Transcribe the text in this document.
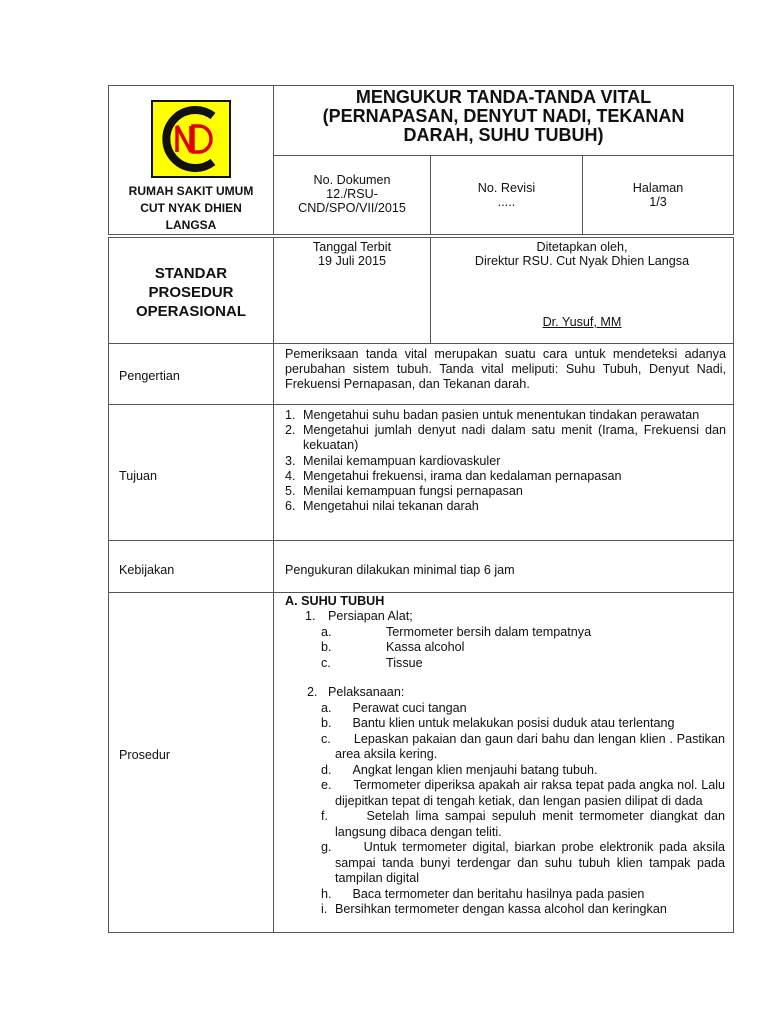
RUMAH SAKIT UMUM
CUT NYAK DHIEN
LANGSA
MENGUKUR TANDA-TANDA VITAL
(PERNAPASAN, DENYUT NADI, TEKANAN
DARAH, SUHU TUBUH)
No. Dokumen
12./RSU-
CND/SPO/VII/2015
No. Revisi
.....
Halaman
1/3
STANDAR
PROSEDUR
OPERASIONAL
Tanggal Terbit
19 Juli 2015
Ditetapkan oleh,
Direktur RSU. Cut Nyak Dhien Langsa
Dr. Yusuf, MM
Pengertian
Pemeriksaan tanda vital merupakan suatu cara untuk mendeteksi adanya perubahan sistem tubuh. Tanda vital meliputi: Suhu Tubuh, Denyut Nadi, Frekuensi Pernapasan, dan Tekanan darah.
Tujuan
1. Mengetahui suhu badan pasien untuk menentukan tindakan perawatan
2. Mengetahui jumlah denyut nadi dalam satu menit (Irama, Frekuensi dan kekuatan)
3. Menilai kemampuan kardiovaskuler
4. Mengetahui frekuensi, irama dan kedalaman pernapasan
5. Menilai kemampuan fungsi pernapasan
6. Mengetahui nilai tekanan darah
Kebijakan	Pengukuran dilakukan minimal tiap 6 jam
Prosedur
A. SUHU TUBUH
1. Persiapan Alat;
a.	Termometer bersih dalam tempatnya
b.	Kassa alcohol
c.	Tissue
2. Pelaksanaan:
a. Perawat cuci tangan
b. Bantu klien untuk melakukan posisi duduk atau terlentang
c. Lepaskan pakaian dan gaun dari bahu dan lengan klien . Pastikan area aksila kering.
d. Angkat lengan klien menjauhi batang tubuh.
e. Termometer diperiksa apakah air raksa tepat pada angka nol. Lalu dijepitkan tepat di tengah ketiak, dan lengan pasien dilipat di dada
f.	Setelah lima sampai sepuluh menit termometer diangkat dan langsung dibaca dengan teliti.
g.	Untuk termometer digital, biarkan probe elektronik pada aksila sampai tanda bunyi terdengar dan suhu tubuh klien tampak pada tampilan digital
h. Baca termometer dan beritahu hasilnya pada pasien
i. Bersihkan termometer dengan kassa alcohol dan keringkan
